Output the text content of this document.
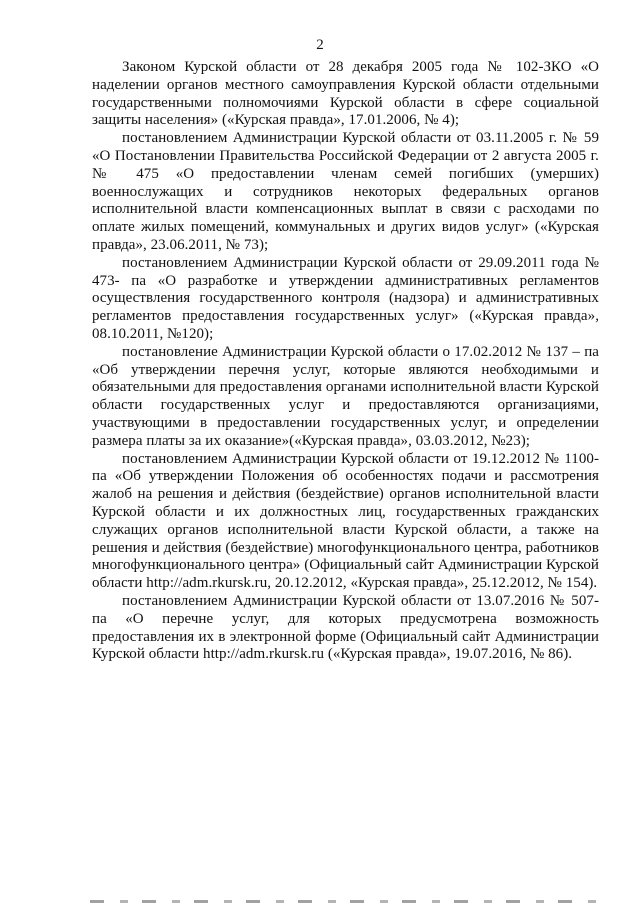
2

Законом Курской области от 28 декабря 2005 года № 102-ЗКО «О наделении органов местного самоуправления Курской области отдельными государственными полномочиями Курской области в сфере социальной защиты населения» («Курская правда», 17.01.2006, № 4);

постановлением Администрации Курской области от 03.11.2005 г. № 59 «О Постановлении Правительства Российской Федерации от 2 августа 2005 г. № 475 «О предоставлении членам семей погибших (умерших) военнослужащих и сотрудников некоторых федеральных органов исполнительной власти компенсационных выплат в связи с расходами по оплате жилых помещений, коммунальных и других видов услуг» («Курская правда», 23.06.2011, № 73);

постановлением Администрации Курской области от 29.09.2011 года № 473- па «О разработке и утверждении административных регламентов осуществления государственного контроля (надзора) и административных регламентов предоставления государственных услуг» («Курская правда», 08.10.2011, №120);

постановление Администрации Курской области о 17.02.2012 № 137 – па «Об утверждении перечня услуг, которые являются необходимыми и обязательными для предоставления органами исполнительной власти Курской области государственных услуг и предоставляются организациями, участвующими в предоставлении государственных услуг, и определении размера платы за их оказание»(«Курская правда», 03.03.2012, №23);

постановлением Администрации Курской области от 19.12.2012 № 1100- па «Об утверждении Положения об особенностях подачи и рассмотрения жалоб на решения и действия (бездействие) органов исполнительной власти Курской области и их должностных лиц, государственных гражданских служащих органов исполнительной власти Курской области, а также на решения и действия (бездействие) многофункционального центра, работников многофункционального центра» (Официальный сайт Администрации Курской области http://adm.rkursk.ru, 20.12.2012, «Курская правда», 25.12.2012, № 154).

постановлением Администрации Курской области от 13.07.2016 № 507-па «О перечне услуг, для которых предусмотрена возможность предоставления их в электронной форме (Официальный сайт Администрации Курской области http://adm.rkursk.ru («Курская правда», 19.07.2016, № 86).
